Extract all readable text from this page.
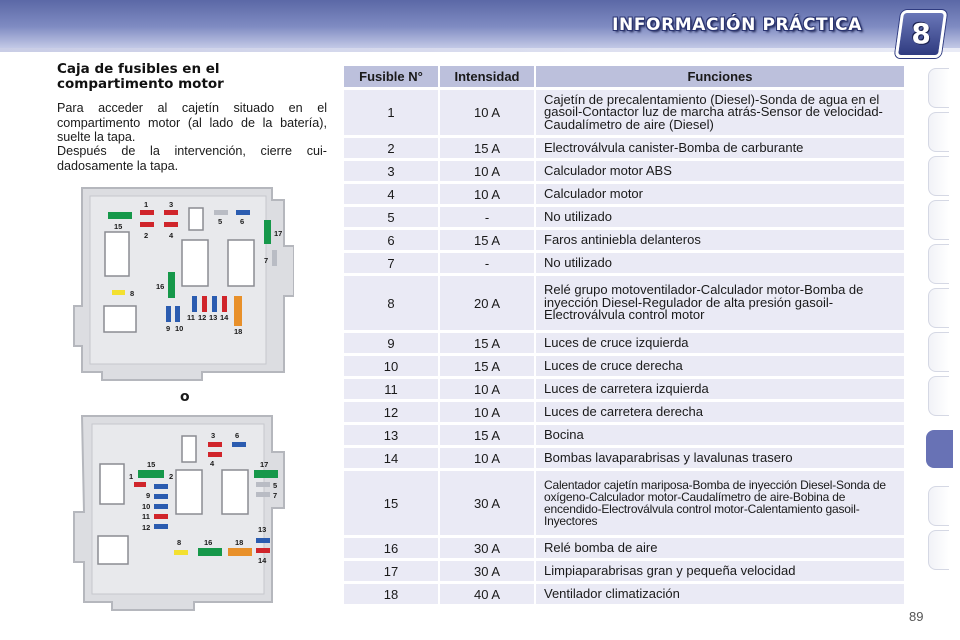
INFORMACIÓN PRÁCTICA	8
Caja de fusibles en el compartimento motor
Para acceder al cajetín situado en el compartimento motor (al lado de la batería), suelte la tapa.
Después de la intervención, cierre cui-dadosamente la tapa.
1	3
5 6
15
2	4	17
7
8
16
11 12 13 14
9 10	18
o
3	6
1
15
2
4	17
5
7
9
10
11
12	13
8	16	18
14
Fusible N°	Intensidad	Funciones
1	10 A	Cajetín de precalentamiento (Diesel)-Sonda de agua en el gasoil-Contactor luz de marcha atrás-Sensor de velocidad-Caudalímetro de aire (Diesel)
2	15 A	Electroválvula canister-Bomba de carburante
3	10 A	Calculador motor ABS
4	10 A	Calculador motor
5	-	No utilizado
6	15 A	Faros antiniebla delanteros
7	-	No utilizado
8	20 A	Relé grupo motoventilador-Calculador motor-Bomba de inyección Diesel-Regulador de alta presión gasoil-Electroválvula control motor
9	15 A	Luces de cruce izquierda
10	15 A	Luces de cruce derecha
11	10 A	Luces de carretera izquierda
12	10 A	Luces de carretera derecha
13	15 A	Bocina
14	10 A	Bombas lavaparabrisas y lavalunas trasero
15	30 A	Calentador cajetín mariposa-Bomba de inyección Diesel-Sonda de oxígeno-Calculador motor-Caudalímetro de aire-Bobina de encendido-Electroválvula control motor-Calentamiento gasoil-Inyectores
16	30 A	Relé bomba de aire
17	30 A	Limpiaparabrisas gran y pequeña velocidad
18	40 A	Ventilador climatización
89
